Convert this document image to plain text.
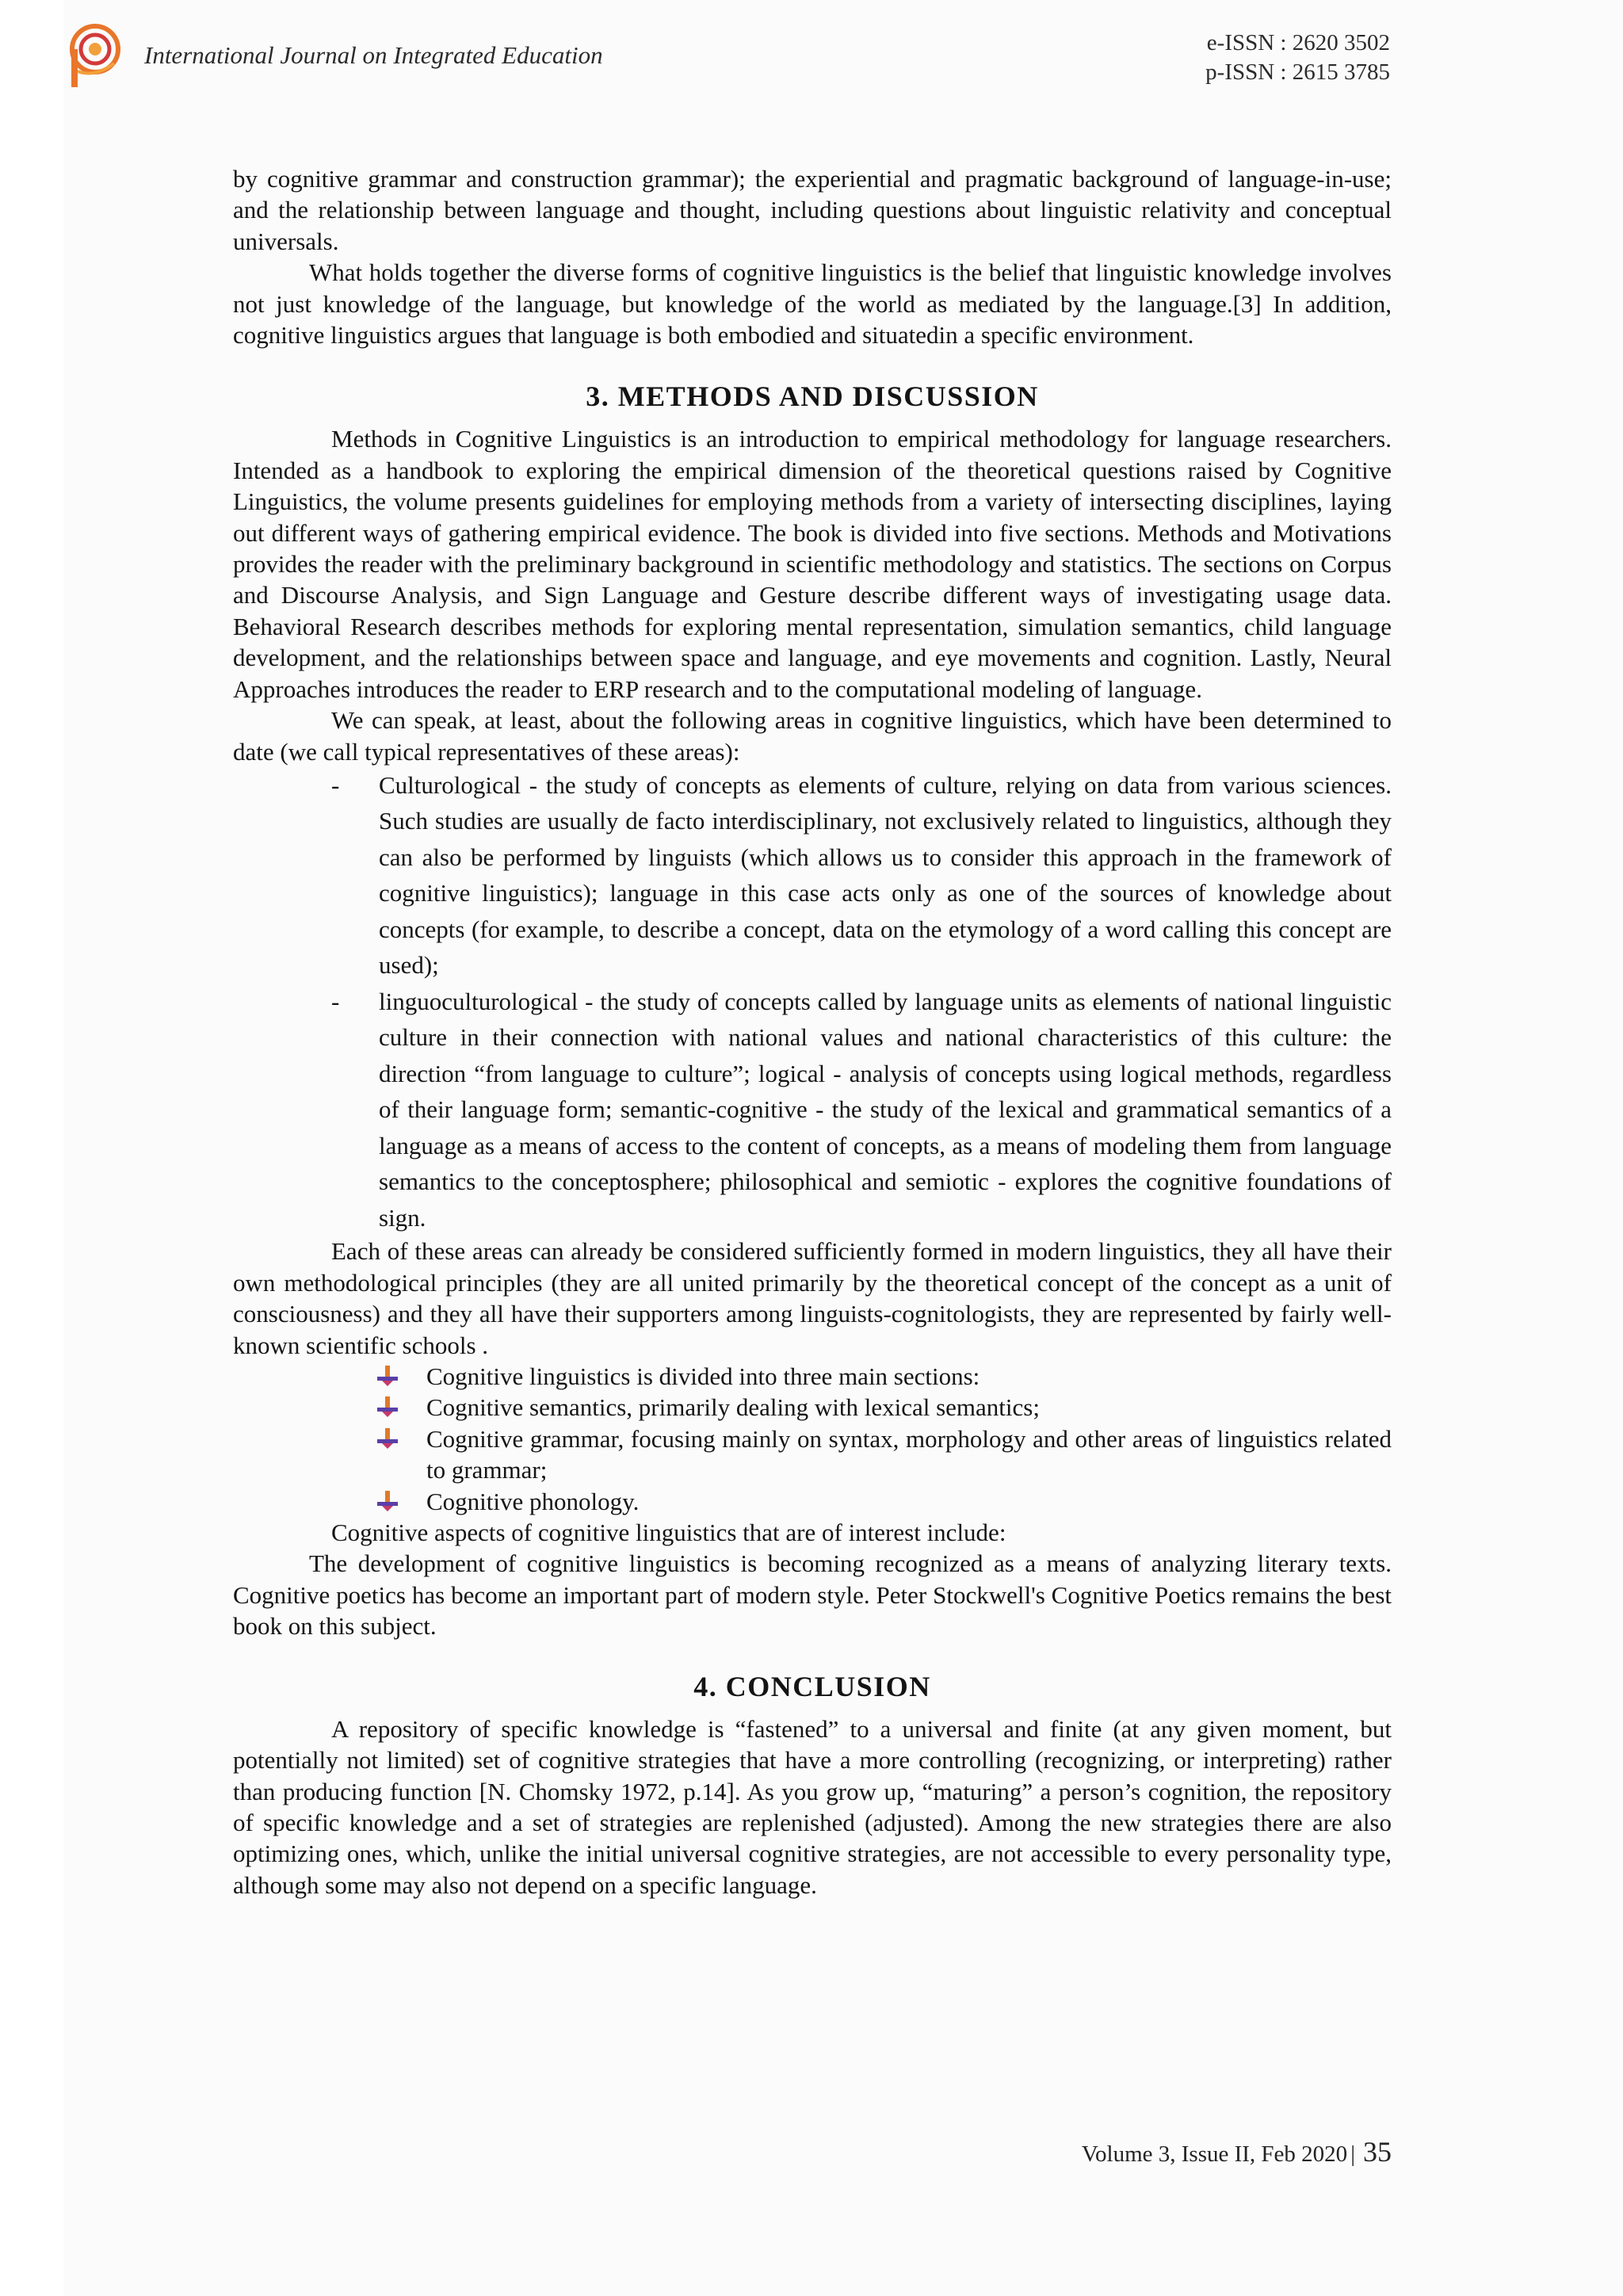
International Journal on Integrated Education	e-ISSN : 2620 3502
p-ISSN : 2615 3785

by cognitive grammar and construction grammar); the experiential and pragmatic background of language-in-use; and the relationship between language and thought, including questions about linguistic relativity and conceptual universals.

What holds together the diverse forms of cognitive linguistics is the belief that linguistic knowledge involves not just knowledge of the language, but knowledge of the world as mediated by the language.[3] In addition, cognitive linguistics argues that language is both embodied and situatedin a specific environment.

3. METHODS AND DISCUSSION

Methods in Cognitive Linguistics is an introduction to empirical methodology for language researchers. Intended as a handbook to exploring the empirical dimension of the theoretical questions raised by Cognitive Linguistics, the volume presents guidelines for employing methods from a variety of intersecting disciplines, laying out different ways of gathering empirical evidence. The book is divided into five sections. Methods and Motivations provides the reader with the preliminary background in scientific methodology and statistics. The sections on Corpus and Discourse Analysis, and Sign Language and Gesture describe different ways of investigating usage data. Behavioral Research describes methods for exploring mental representation, simulation semantics, child language development, and the relationships between space and language, and eye movements and cognition. Lastly, Neural Approaches introduces the reader to ERP research and to the computational modeling of language.

We can speak, at least, about the following areas in cognitive linguistics, which have been determined to date (we call typical representatives of these areas):

- Culturological - the study of concepts as elements of culture, relying on data from various sciences. Such studies are usually de facto interdisciplinary, not exclusively related to linguistics, although they can also be performed by linguists (which allows us to consider this approach in the framework of cognitive linguistics); language in this case acts only as one of the sources of knowledge about concepts (for example, to describe a concept, data on the etymology of a word calling this concept are used);
- linguoculturological - the study of concepts called by language units as elements of national linguistic culture in their connection with national values and national characteristics of this culture: the direction “from language to culture”; logical - analysis of concepts using logical methods, regardless of their language form; semantic-cognitive - the study of the lexical and grammatical semantics of a language as a means of access to the content of concepts, as a means of modeling them from language semantics to the conceptosphere; philosophical and semiotic - explores the cognitive foundations of sign.

Each of these areas can already be considered sufficiently formed in modern linguistics, they all have their own methodological principles (they are all united primarily by the theoretical concept of the concept as a unit of consciousness) and they all have their supporters among linguists-cognitologists, they are represented by fairly well-known scientific schools .

Cognitive linguistics is divided into three main sections:
Cognitive semantics, primarily dealing with lexical semantics;
Cognitive grammar, focusing mainly on syntax, morphology and other areas of linguistics related to grammar;
Cognitive phonology.

Cognitive aspects of cognitive linguistics that are of interest include:

The development of cognitive linguistics is becoming recognized as a means of analyzing literary texts. Cognitive poetics has become an important part of modern style. Peter Stockwell's Cognitive Poetics remains the best book on this subject.

4. CONCLUSION

A repository of specific knowledge is “fastened” to a universal and finite (at any given moment, but potentially not limited) set of cognitive strategies that have a more controlling (recognizing, or interpreting) rather than producing function [N. Chomsky 1972, p.14]. As you grow up, “maturing” a person’s cognition, the repository of specific knowledge and a set of strategies are replenished (adjusted). Among the new strategies there are also optimizing ones, which, unlike the initial universal cognitive strategies, are not accessible to every personality type, although some may also not depend on a specific language.

Volume 3, Issue II, Feb 2020 | 35
